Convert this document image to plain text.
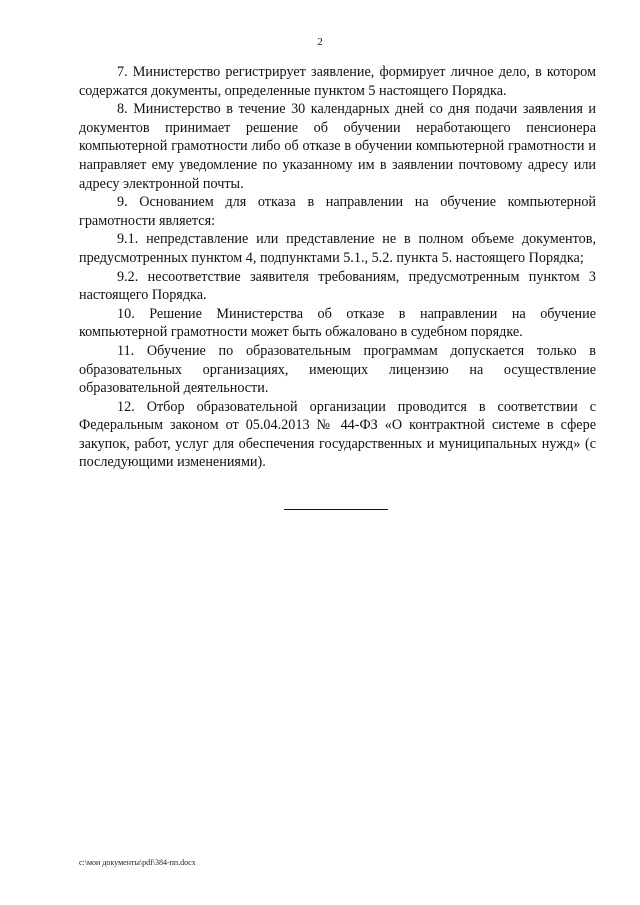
2

7. Министерство регистрирует заявление, формирует личное дело, в котором содержатся документы, определенные пунктом 5 настоящего Порядка.

8. Министерство в течение 30 календарных дней со дня подачи заявления и документов принимает решение об обучении неработающего пенсионера компьютерной грамотности либо об отказе в обучении компьютерной грамотности и направляет ему уведомление по указанному им в заявлении почтовому адресу или адресу электронной почты.

9. Основанием для отказа в направлении на обучение компьютерной грамотности является:

9.1. непредставление или представление не в полном объеме документов, предусмотренных пунктом 4, подпунктами 5.1., 5.2. пункта 5. настоящего Порядка;

9.2. несоответствие заявителя требованиям, предусмотренным пунктом 3 настоящего Порядка.

10. Решение Министерства об отказе в направлении на обучение компьютерной грамотности может быть обжаловано в судебном порядке.

11. Обучение по образовательным программам допускается только в образовательных организациях, имеющих лицензию на осуществление образовательной деятельности.

12. Отбор образовательной организации проводится в соответствии с Федеральным законом от 05.04.2013 № 44-ФЗ «О контрактной системе в сфере закупок, работ, услуг для обеспечения государственных и муниципальных нужд» (с последующими изменениями).

c:\мои документы\pdf\384-пп.docx
